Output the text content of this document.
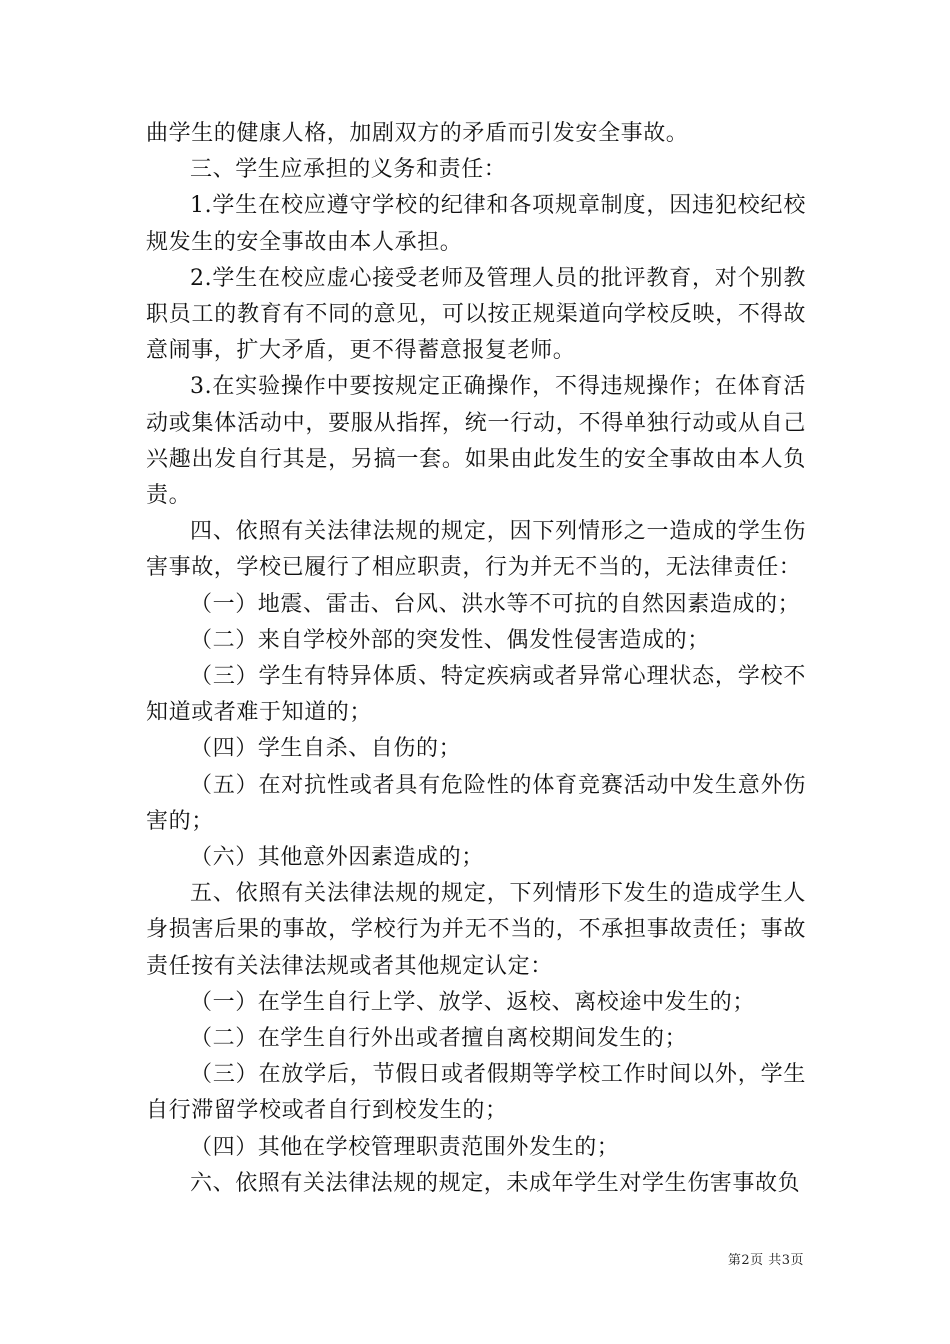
曲学生的健康人格，加剧双方的矛盾而引发安全事故。

三、学生应承担的义务和责任：

1.学生在校应遵守学校的纪律和各项规章制度，因违犯校纪校规发生的安全事故由本人承担。

2.学生在校应虚心接受老师及管理人员的批评教育，对个别教职员工的教育有不同的意见，可以按正规渠道向学校反映，不得故意闹事，扩大矛盾，更不得蓄意报复老师。

3.在实验操作中要按规定正确操作，不得违规操作；在体育活动或集体活动中，要服从指挥，统一行动，不得单独行动或从自己兴趣出发自行其是，另搞一套。如果由此发生的安全事故由本人负责。

四、依照有关法律法规的规定，因下列情形之一造成的学生伤害事故，学校已履行了相应职责，行为并无不当的，无法律责任：

（一）地震、雷击、台风、洪水等不可抗的自然因素造成的；

（二）来自学校外部的突发性、偶发性侵害造成的；

（三）学生有特异体质、特定疾病或者异常心理状态，学校不知道或者难于知道的；

（四）学生自杀、自伤的；

（五）在对抗性或者具有危险性的体育竞赛活动中发生意外伤害的；

（六）其他意外因素造成的；

五、依照有关法律法规的规定，下列情形下发生的造成学生人身损害后果的事故，学校行为并无不当的，不承担事故责任；事故责任按有关法律法规或者其他规定认定：

（一）在学生自行上学、放学、返校、离校途中发生的；

（二）在学生自行外出或者擅自离校期间发生的；

（三）在放学后，节假日或者假期等学校工作时间以外，学生自行滞留学校或者自行到校发生的；

（四）其他在学校管理职责范围外发生的；

六、依照有关法律法规的规定，未成年学生对学生伤害事故负

第2页 共3页
